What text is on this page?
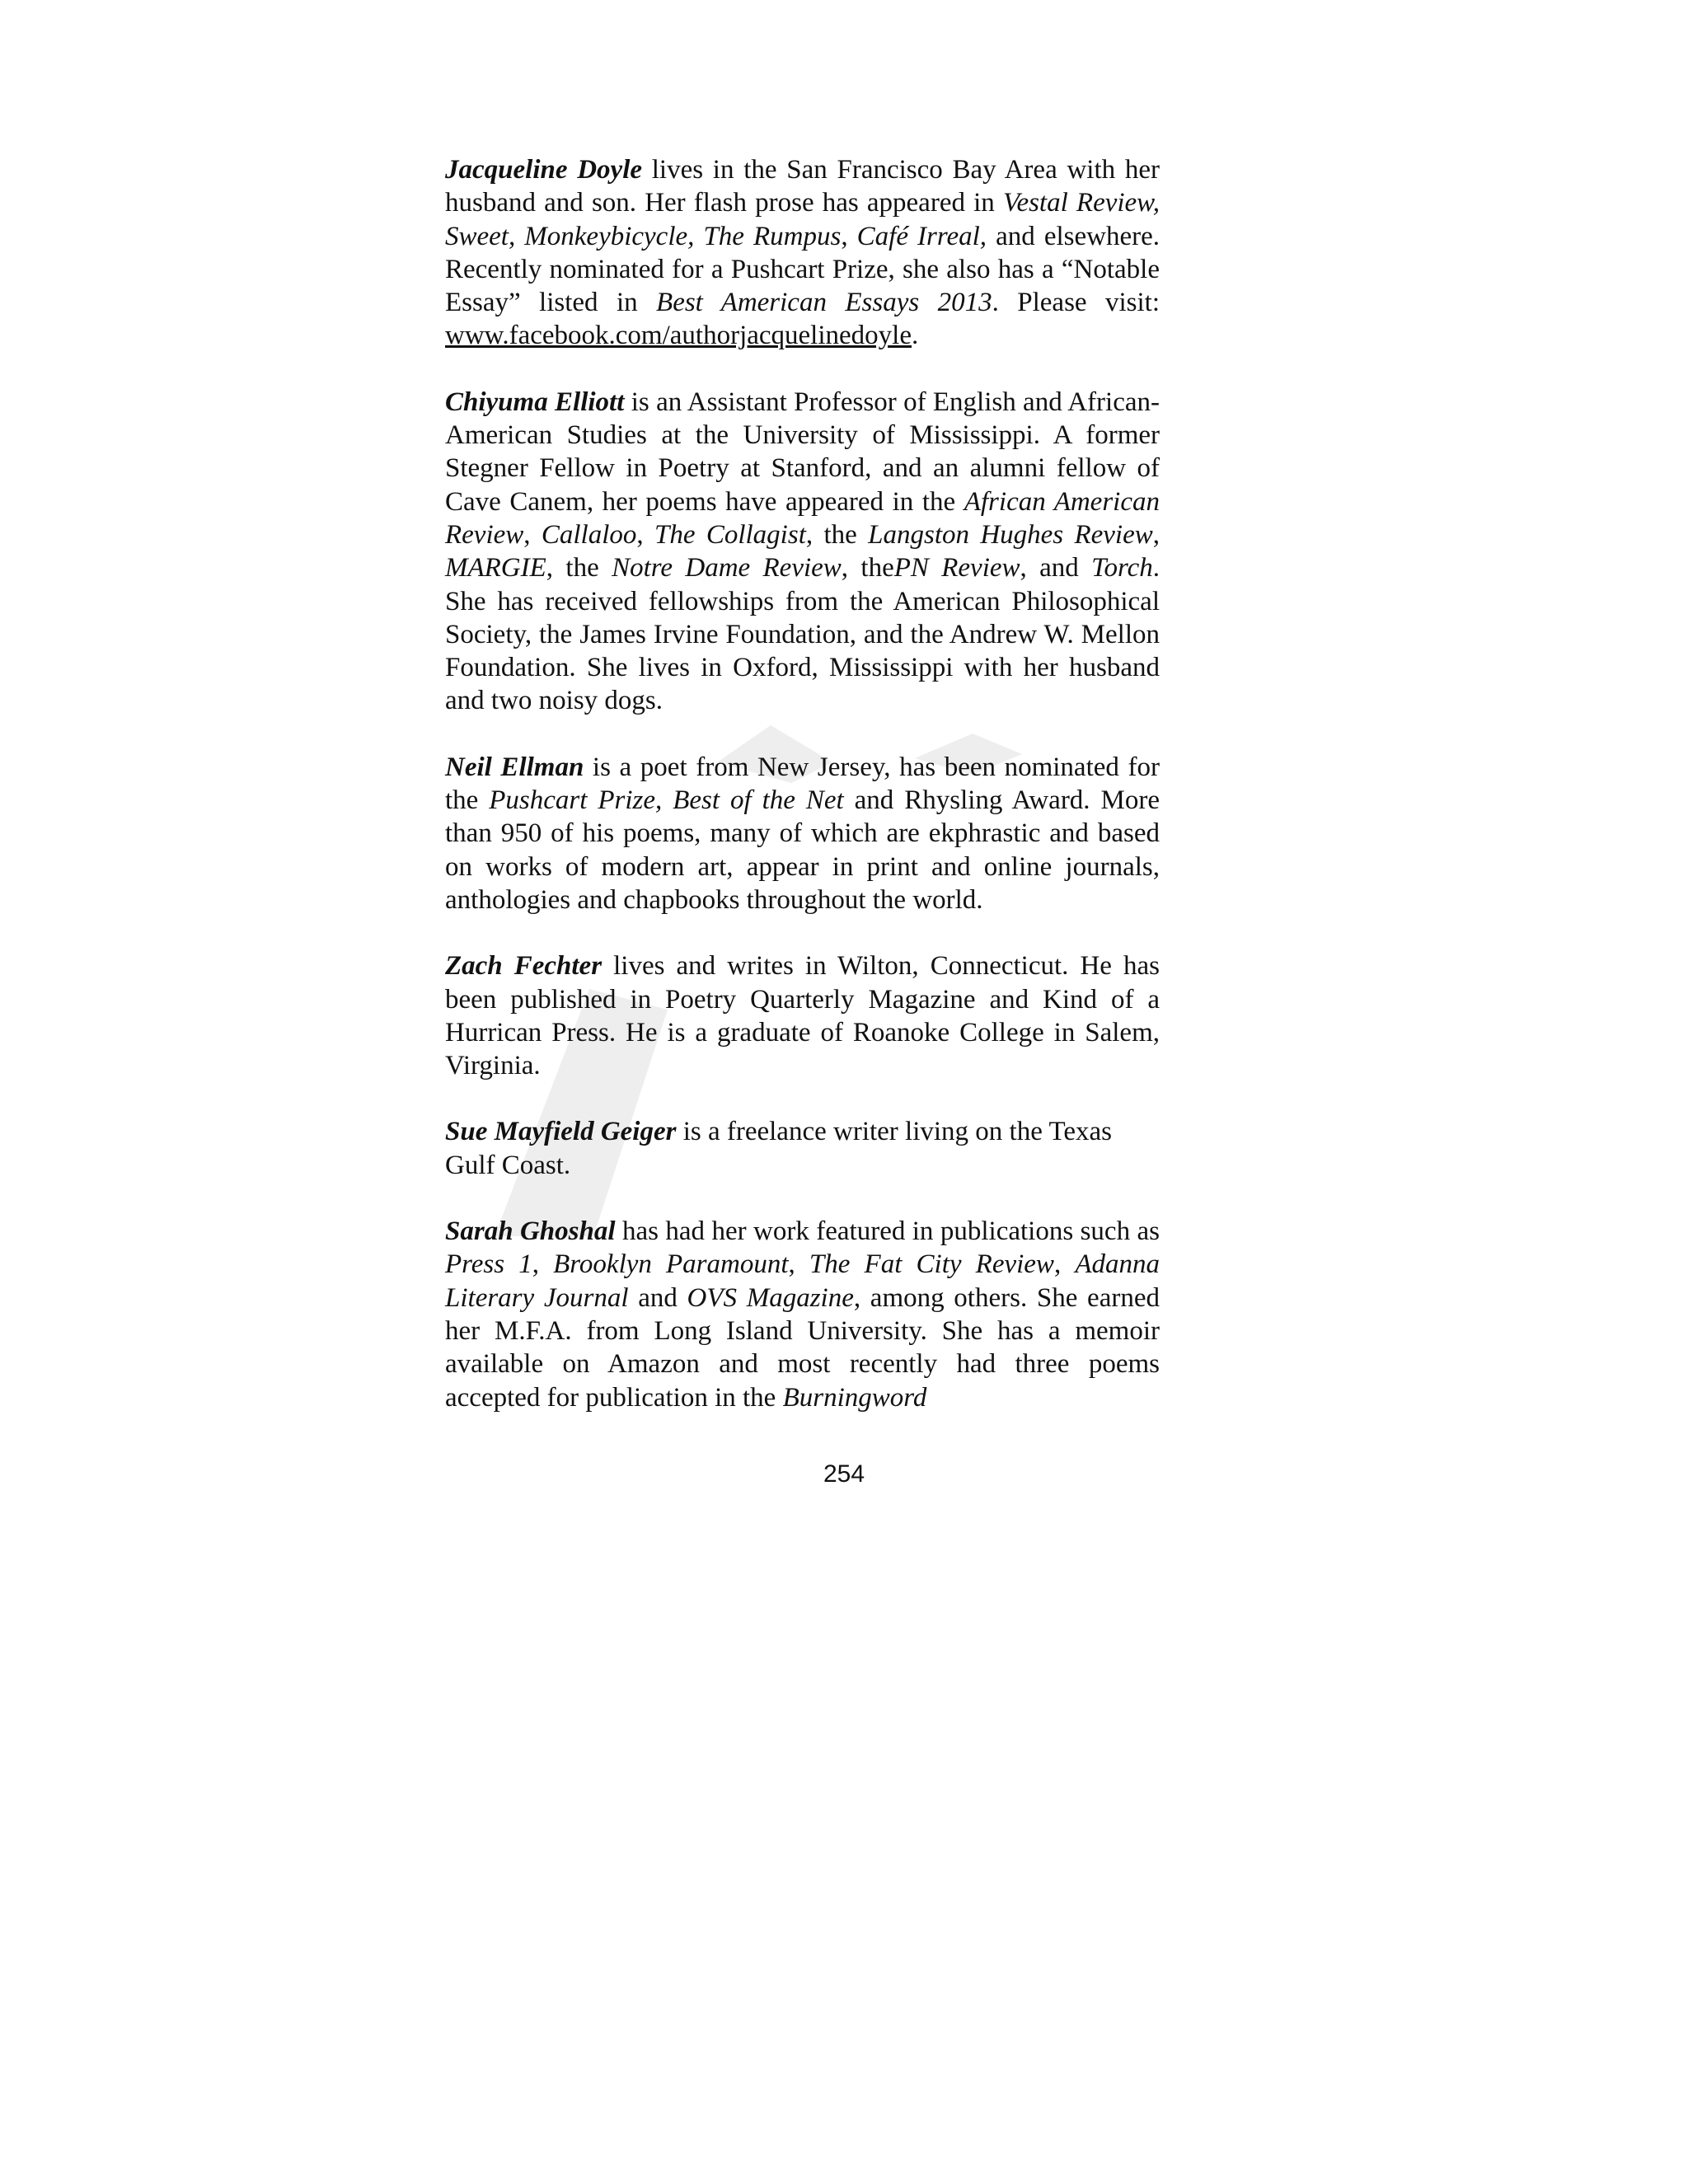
Jacqueline Doyle lives in the San Francisco Bay Area with her husband and son. Her flash prose has appeared in Vestal Review, Sweet, Monkeybicycle, The Rumpus, Café Irreal, and elsewhere. Recently nominated for a Pushcart Prize, she also has a “Notable Essay” listed in Best American Essays 2013. Please visit: www.facebook.com/authorjacquelinedoyle.

Chiyuma Elliott is an Assistant Professor of English and African-American Studies at the University of Mississippi. A former Stegner Fellow in Poetry at Stanford, and an alumni fellow of Cave Canem, her poems have appeared in the African American Review, Callaloo, The Collagist, the Langston Hughes Review, MARGIE, the Notre Dame Review, thePN Review, and Torch. She has received fellowships from the American Philosophical Society, the James Irvine Foundation, and the Andrew W. Mellon Foundation. She lives in Oxford, Mississippi with her husband and two noisy dogs.

Neil Ellman is a poet from New Jersey, has been nominated for the Pushcart Prize, Best of the Net and Rhysling Award. More than 950 of his poems, many of which are ekphrastic and based on works of modern art, appear in print and online journals, anthologies and chapbooks throughout the world.

Zach Fechter lives and writes in Wilton, Connecticut. He has been published in Poetry Quarterly Magazine and Kind of a Hurrican Press. He is a graduate of Roanoke College in Salem, Virginia.

Sue Mayfield Geiger is a freelance writer living on the Texas Gulf Coast.

Sarah Ghoshal has had her work featured in publications such as Press 1, Brooklyn Paramount, The Fat City Review, Adanna Literary Journal and OVS Magazine, among others. She earned her M.F.A. from Long Island University. She has a memoir available on Amazon and most recently had three poems accepted for publication in the Burningword

254
